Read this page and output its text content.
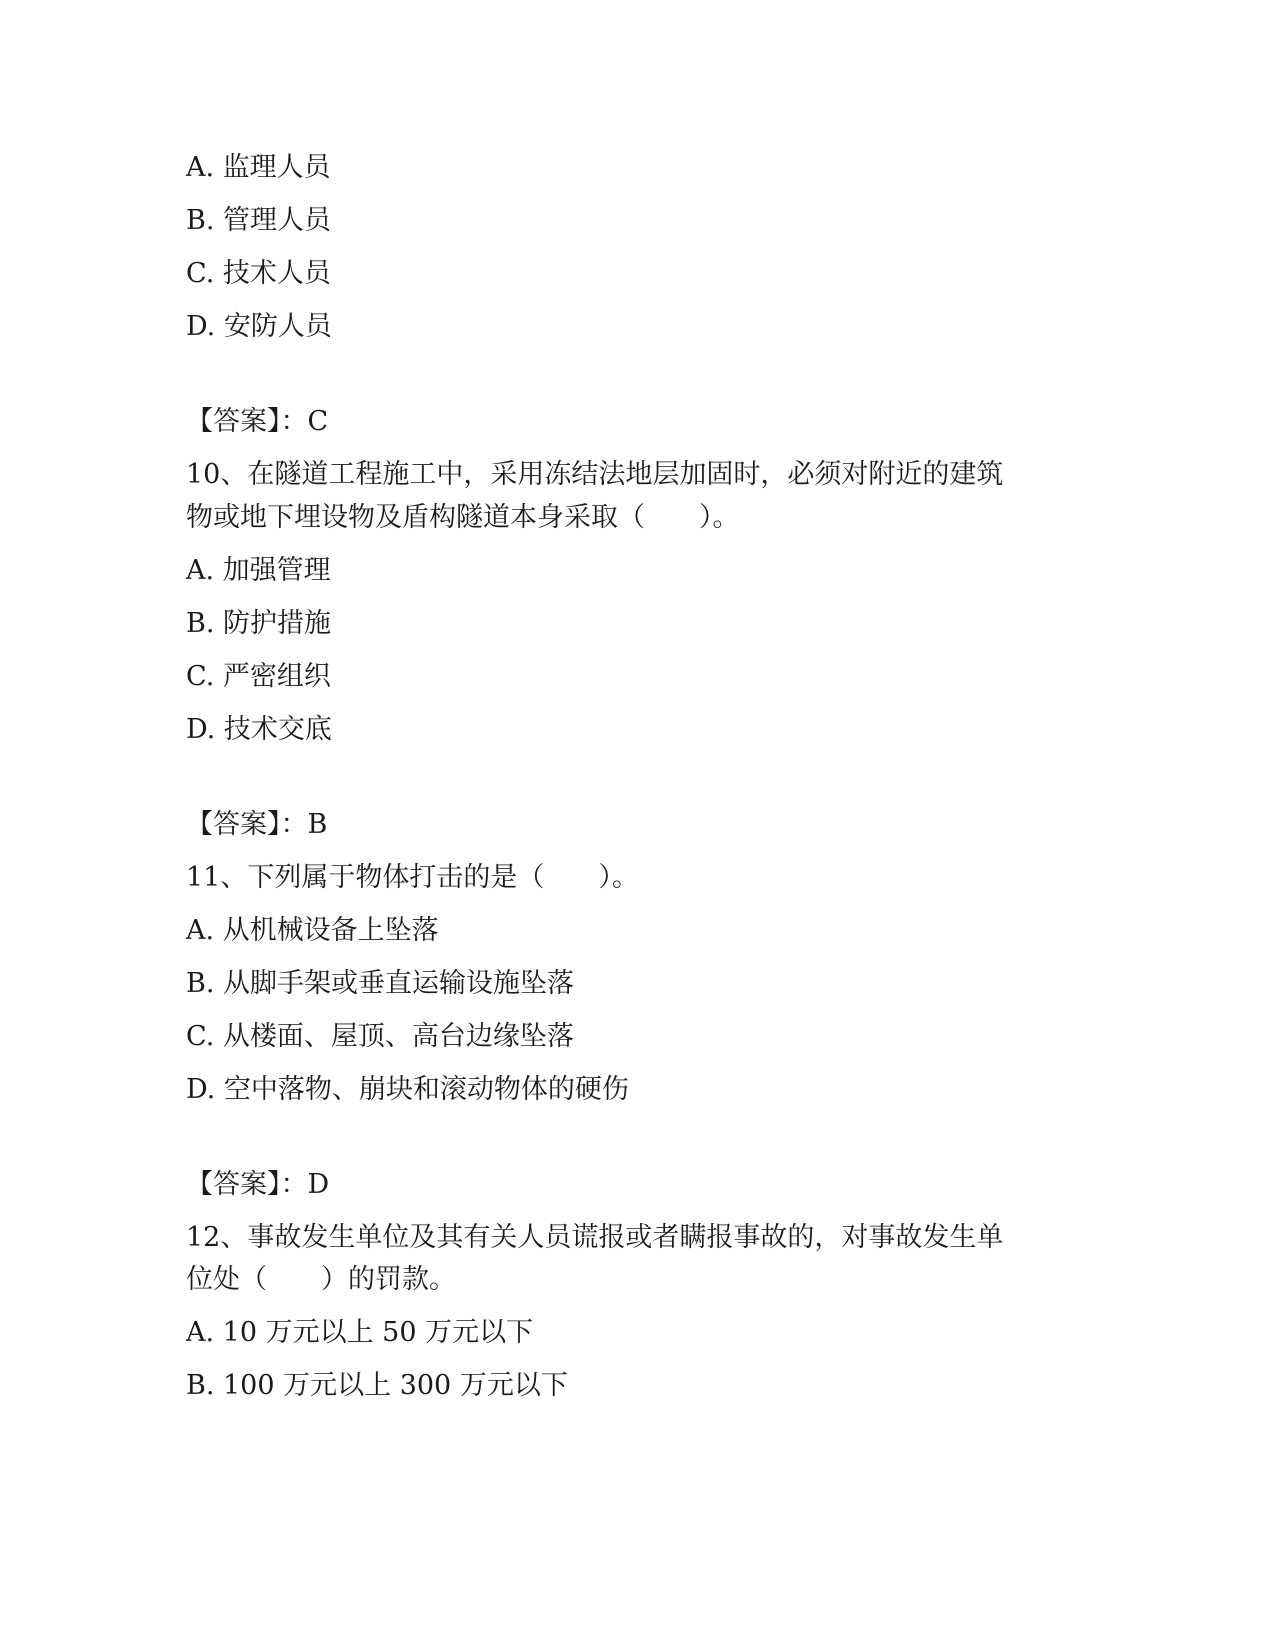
A. 监理人员
B. 管理人员
C. 技术人员
D. 安防人员
【答案】：C
10、在隧道工程施工中，采用冻结法地层加固时，必须对附近的建筑
物或地下埋设物及盾构隧道本身采取（　　）。
A. 加强管理
B. 防护措施
C. 严密组织
D. 技术交底
【答案】：B
11、下列属于物体打击的是（　　）。
A. 从机械设备上坠落
B. 从脚手架或垂直运输设施坠落
C. 从楼面、屋顶、高台边缘坠落
D. 空中落物、崩块和滚动物体的硬伤
【答案】：D
12、事故发生单位及其有关人员谎报或者瞒报事故的，对事故发生单
位处（　　）的罚款。
A. 10 万元以上 50 万元以下
B. 100 万元以上 300 万元以下
